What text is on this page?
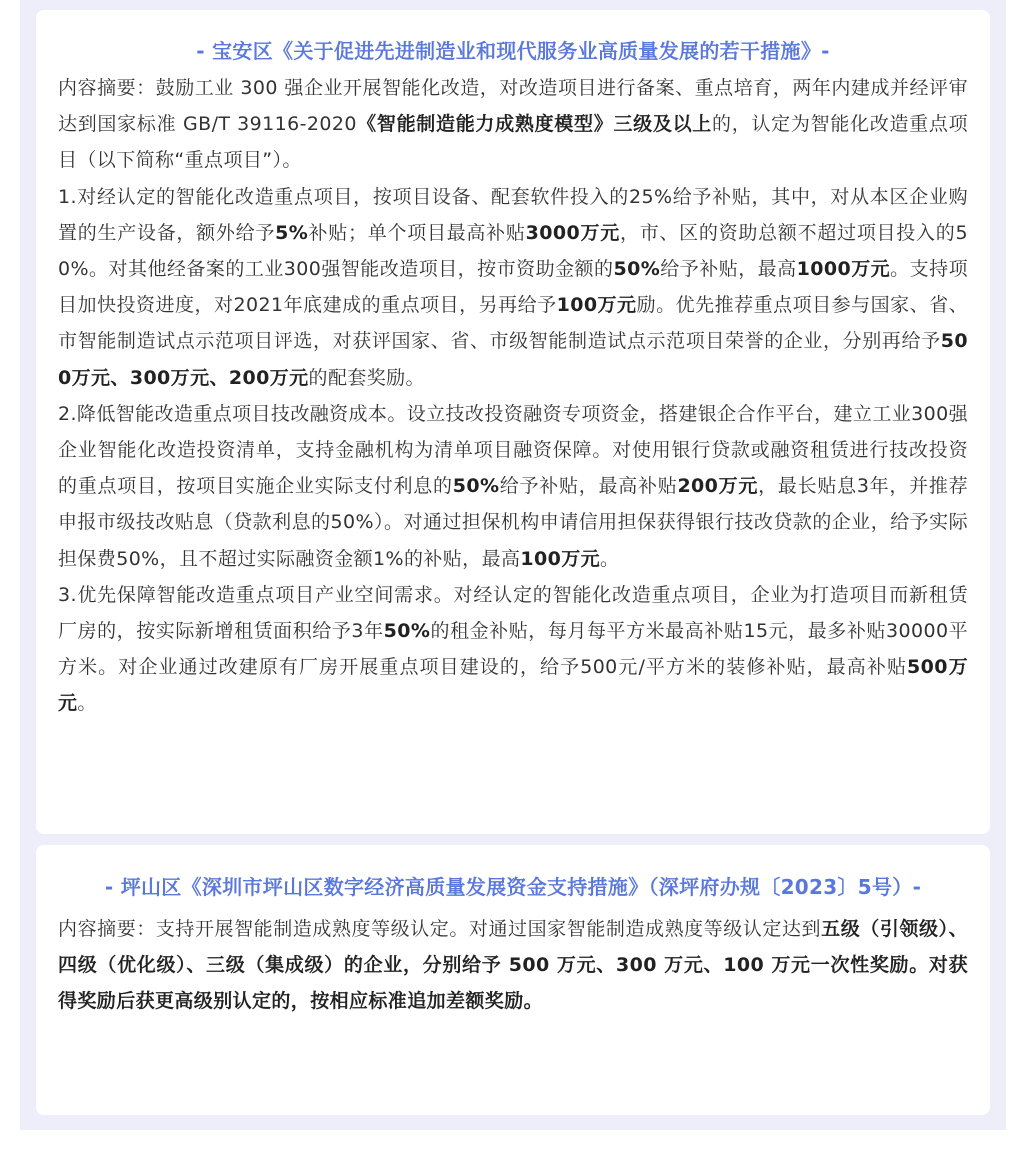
- 宝安区《关于促进先进制造业和现代服务业高质量发展的若干措施》-

内容摘要：鼓励工业 300 强企业开展智能化改造，对改造项目进行备案、重点培育，两年内建成并经评审达到国家标准 GB/T 39116-2020《智能制造能力成熟度模型》三级及以上的，认定为智能化改造重点项目（以下简称“重点项目”）。

1.对经认定的智能化改造重点项目，按项目设备、配套软件投入的25%给予补贴，其中，对从本区企业购置的生产设备，额外给予5%补贴；单个项目最高补贴3000万元，市、区的资助总额不超过项目投入的50%。对其他经备案的工业300强智能改造项目，按市资助金额的50%给予补贴，最高1000万元。支持项目加快投资进度，对2021年底建成的重点项目，另再给予100万元励。优先推荐重点项目参与国家、省、市智能制造试点示范项目评选，对获评国家、省、市级智能制造试点示范项目荣誉的企业，分别再给予500万元、300万元、200万元的配套奖励。

2.降低智能改造重点项目技改融资成本。设立技改投资融资专项资金，搭建银企合作平台，建立工业300强企业智能化改造投资清单，支持金融机构为清单项目融资保障。对使用银行贷款或融资租赁进行技改投资的重点项目，按项目实施企业实际支付利息的50%给予补贴，最高补贴200万元，最长贴息3年，并推荐申报市级技改贴息（贷款利息的50%）。对通过担保机构申请信用担保获得银行技改贷款的企业，给予实际担保费50%，且不超过实际融资金额1%的补贴，最高100万元。

3.优先保障智能改造重点项目产业空间需求。对经认定的智能化改造重点项目，企业为打造项目而新租赁厂房的，按实际新增租赁面积给予3年50%的租金补贴，每月每平方米最高补贴15元，最多补贴30000平方米。对企业通过改建原有厂房开展重点项目建设的，给予500元/平方米的装修补贴，最高补贴500万元。

- 坪山区《深圳市坪山区数字经济高质量发展资金支持措施》（深坪府办规〔2023〕5号）-

内容摘要：支持开展智能制造成熟度等级认定。对通过国家智能制造成熟度等级认定达到五级（引领级）、四级（优化级）、三级（集成级）的企业，分别给予 500 万元、300 万元、100 万元一次性奖励。对获得奖励后获更高级别认定的，按相应标准追加差额奖励。
